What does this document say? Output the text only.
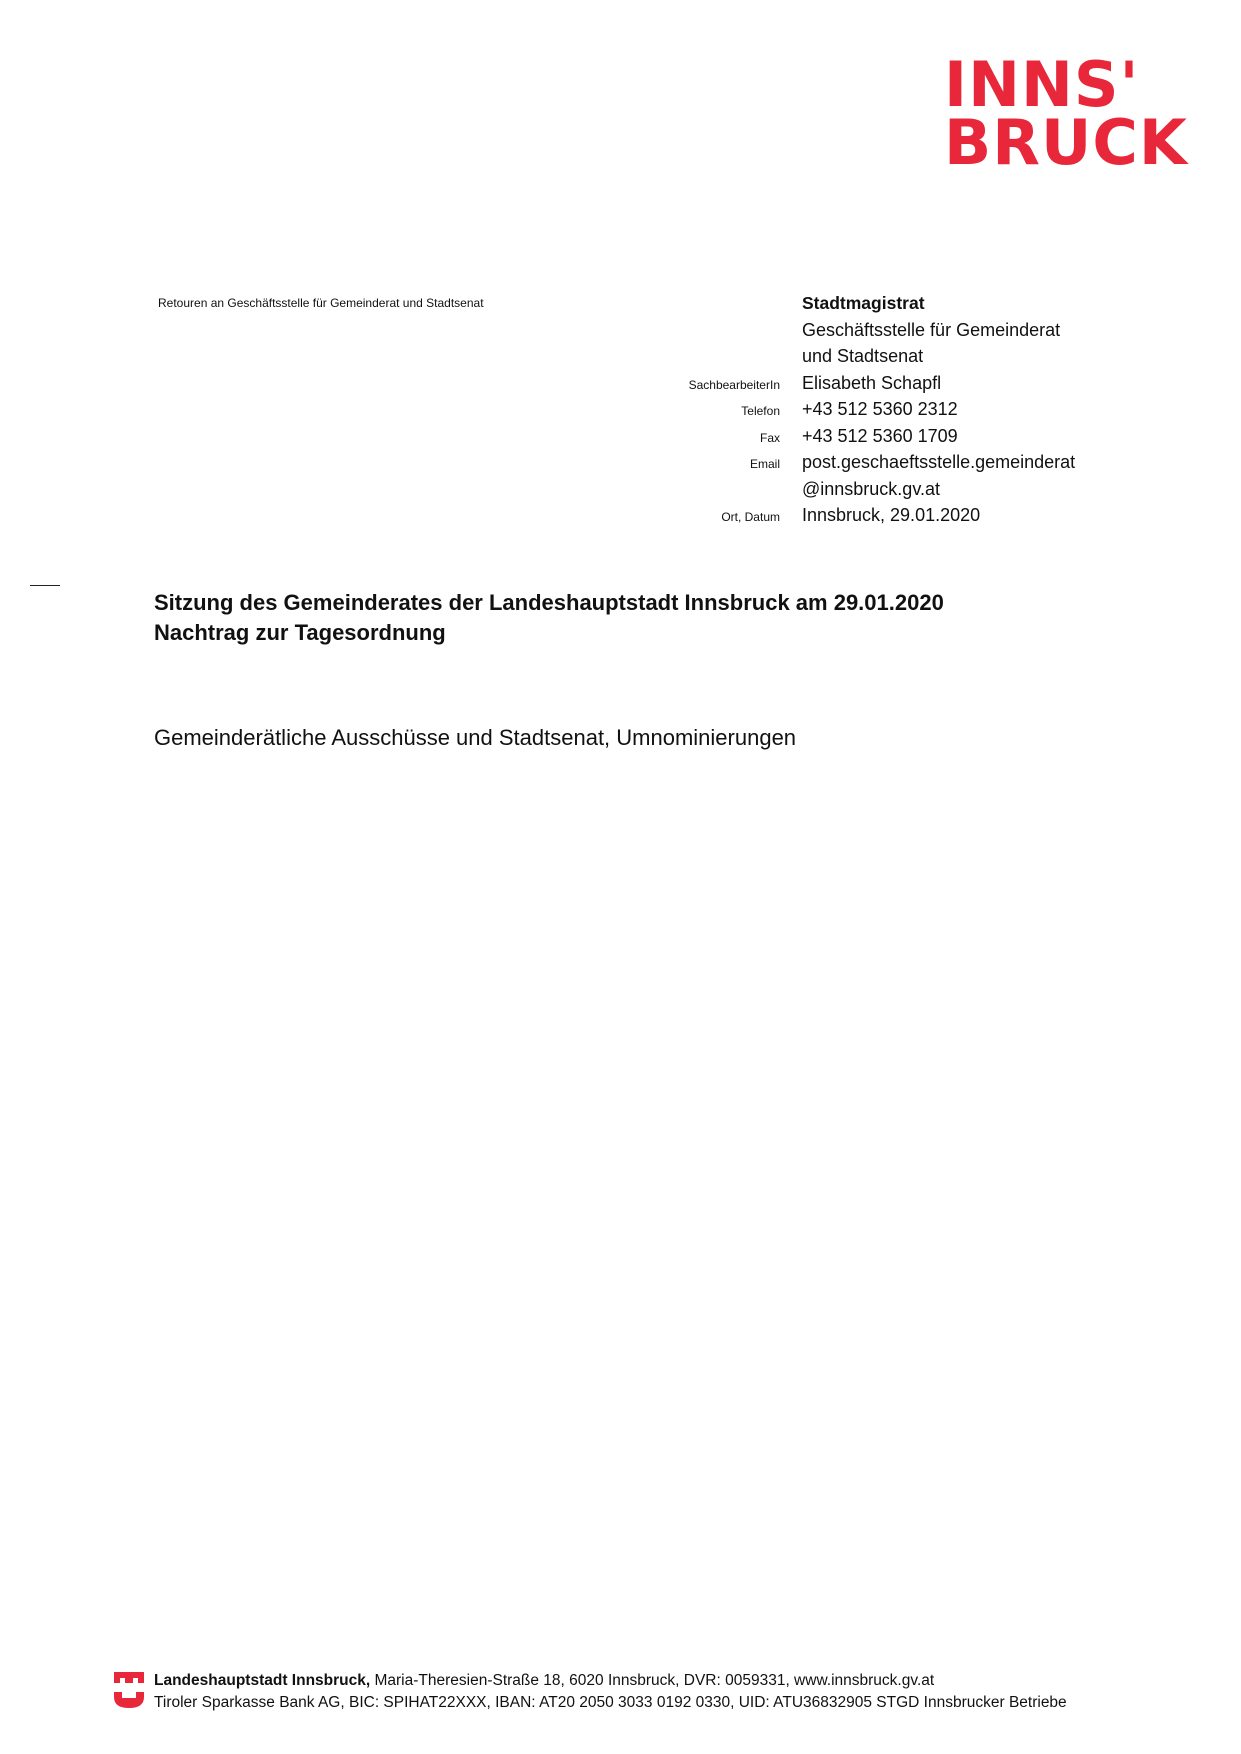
INNS'
BRUCK
Retouren an Geschäftsstelle für Gemeinderat und Stadtsenat	Stadtmagistrat
Geschäftsstelle für Gemeinderat
und Stadtsenat
SachbearbeiterIn	Elisabeth Schapfl
Telefon	+43 512 5360 2312
Fax	+43 512 5360 1709
Email	post.geschaeftsstelle.gemeinderat
@innsbruck.gv.at
Ort, Datum	Innsbruck, 29.01.2020
Sitzung des Gemeinderates der Landeshauptstadt Innsbruck am 29.01.2020
Nachtrag zur Tagesordnung
Gemeinderätliche Ausschüsse und Stadtsenat, Umnominierungen
Landeshauptstadt Innsbruck, Maria-Theresien-Straße 18, 6020 Innsbruck, DVR: 0059331, www.innsbruck.gv.at
Tiroler Sparkasse Bank AG, BIC: SPIHAT22XXX, IBAN: AT20 2050 3033 0192 0330, UID: ATU36832905 STGD Innsbrucker Betriebe
